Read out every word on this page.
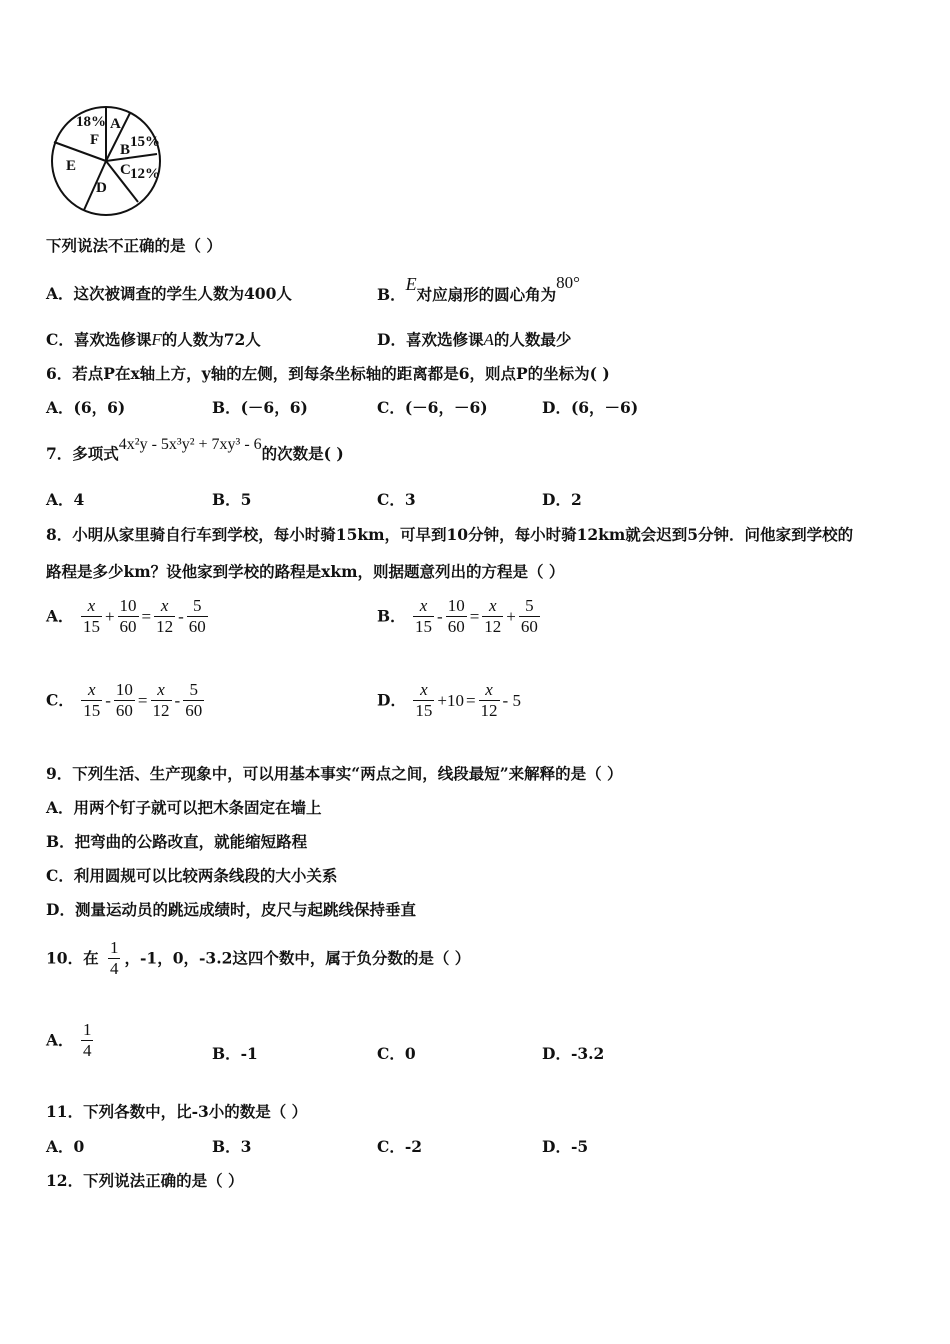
18%
F
A
B 15%
C 12%
D
E
下列说法不正确的是（ ）
A．这次被调查的学生人数为400人	B．E对应扇形的圆心角为80°
C．喜欢选修课F的人数为72人	D．喜欢选修课A的人数最少
6．若点P在x轴上方，y轴的左侧，到每条坐标轴的距离都是6，则点P的坐标为( )
A．(6，6)	B．(－6，6)	C．(－6，－6)	D．(6，－6)
7．多项式4x²y - 5x³y² + 7xy³ - 6的次数是( )
A．4	B．5	C．3	D．2
8．小明从家里骑自行车到学校，每小时骑15km，可早到10分钟，每小时骑12km就会迟到5分钟．问他家到学校的
路程是多少km？设他家到学校的路程是xkm，则据题意列出的方程是（ ）
A． $\frac{x}{15} + \frac{10}{60} = \frac{x}{12} - \frac{5}{60}$	B． $\frac{x}{15} - \frac{10}{60} = \frac{x}{12} + \frac{5}{60}$
C． $\frac{x}{15} - \frac{10}{60} = \frac{x}{12} - \frac{5}{60}$	D． $\frac{x}{15} +10 = \frac{x}{12} - 5$
9．下列生活、生产现象中，可以用基本事实“两点之间，线段最短”来解释的是（ ）
A．用两个钉子就可以把木条固定在墙上
B．把弯曲的公路改直，就能缩短路程
C．利用圆规可以比较两条线段的大小关系
D．测量运动员的跳远成绩时，皮尺与起跳线保持垂直
10．在 $\frac{1}{4}$ ，-1，0，-3.2这四个数中，属于负分数的是（ ）
A． $\frac{1}{4}$	B．-1	C．0	D．-3.2
11．下列各数中，比-3小的数是（ ）
A．0	B．3	C．-2	D．-5
12．下列说法正确的是（ ）
